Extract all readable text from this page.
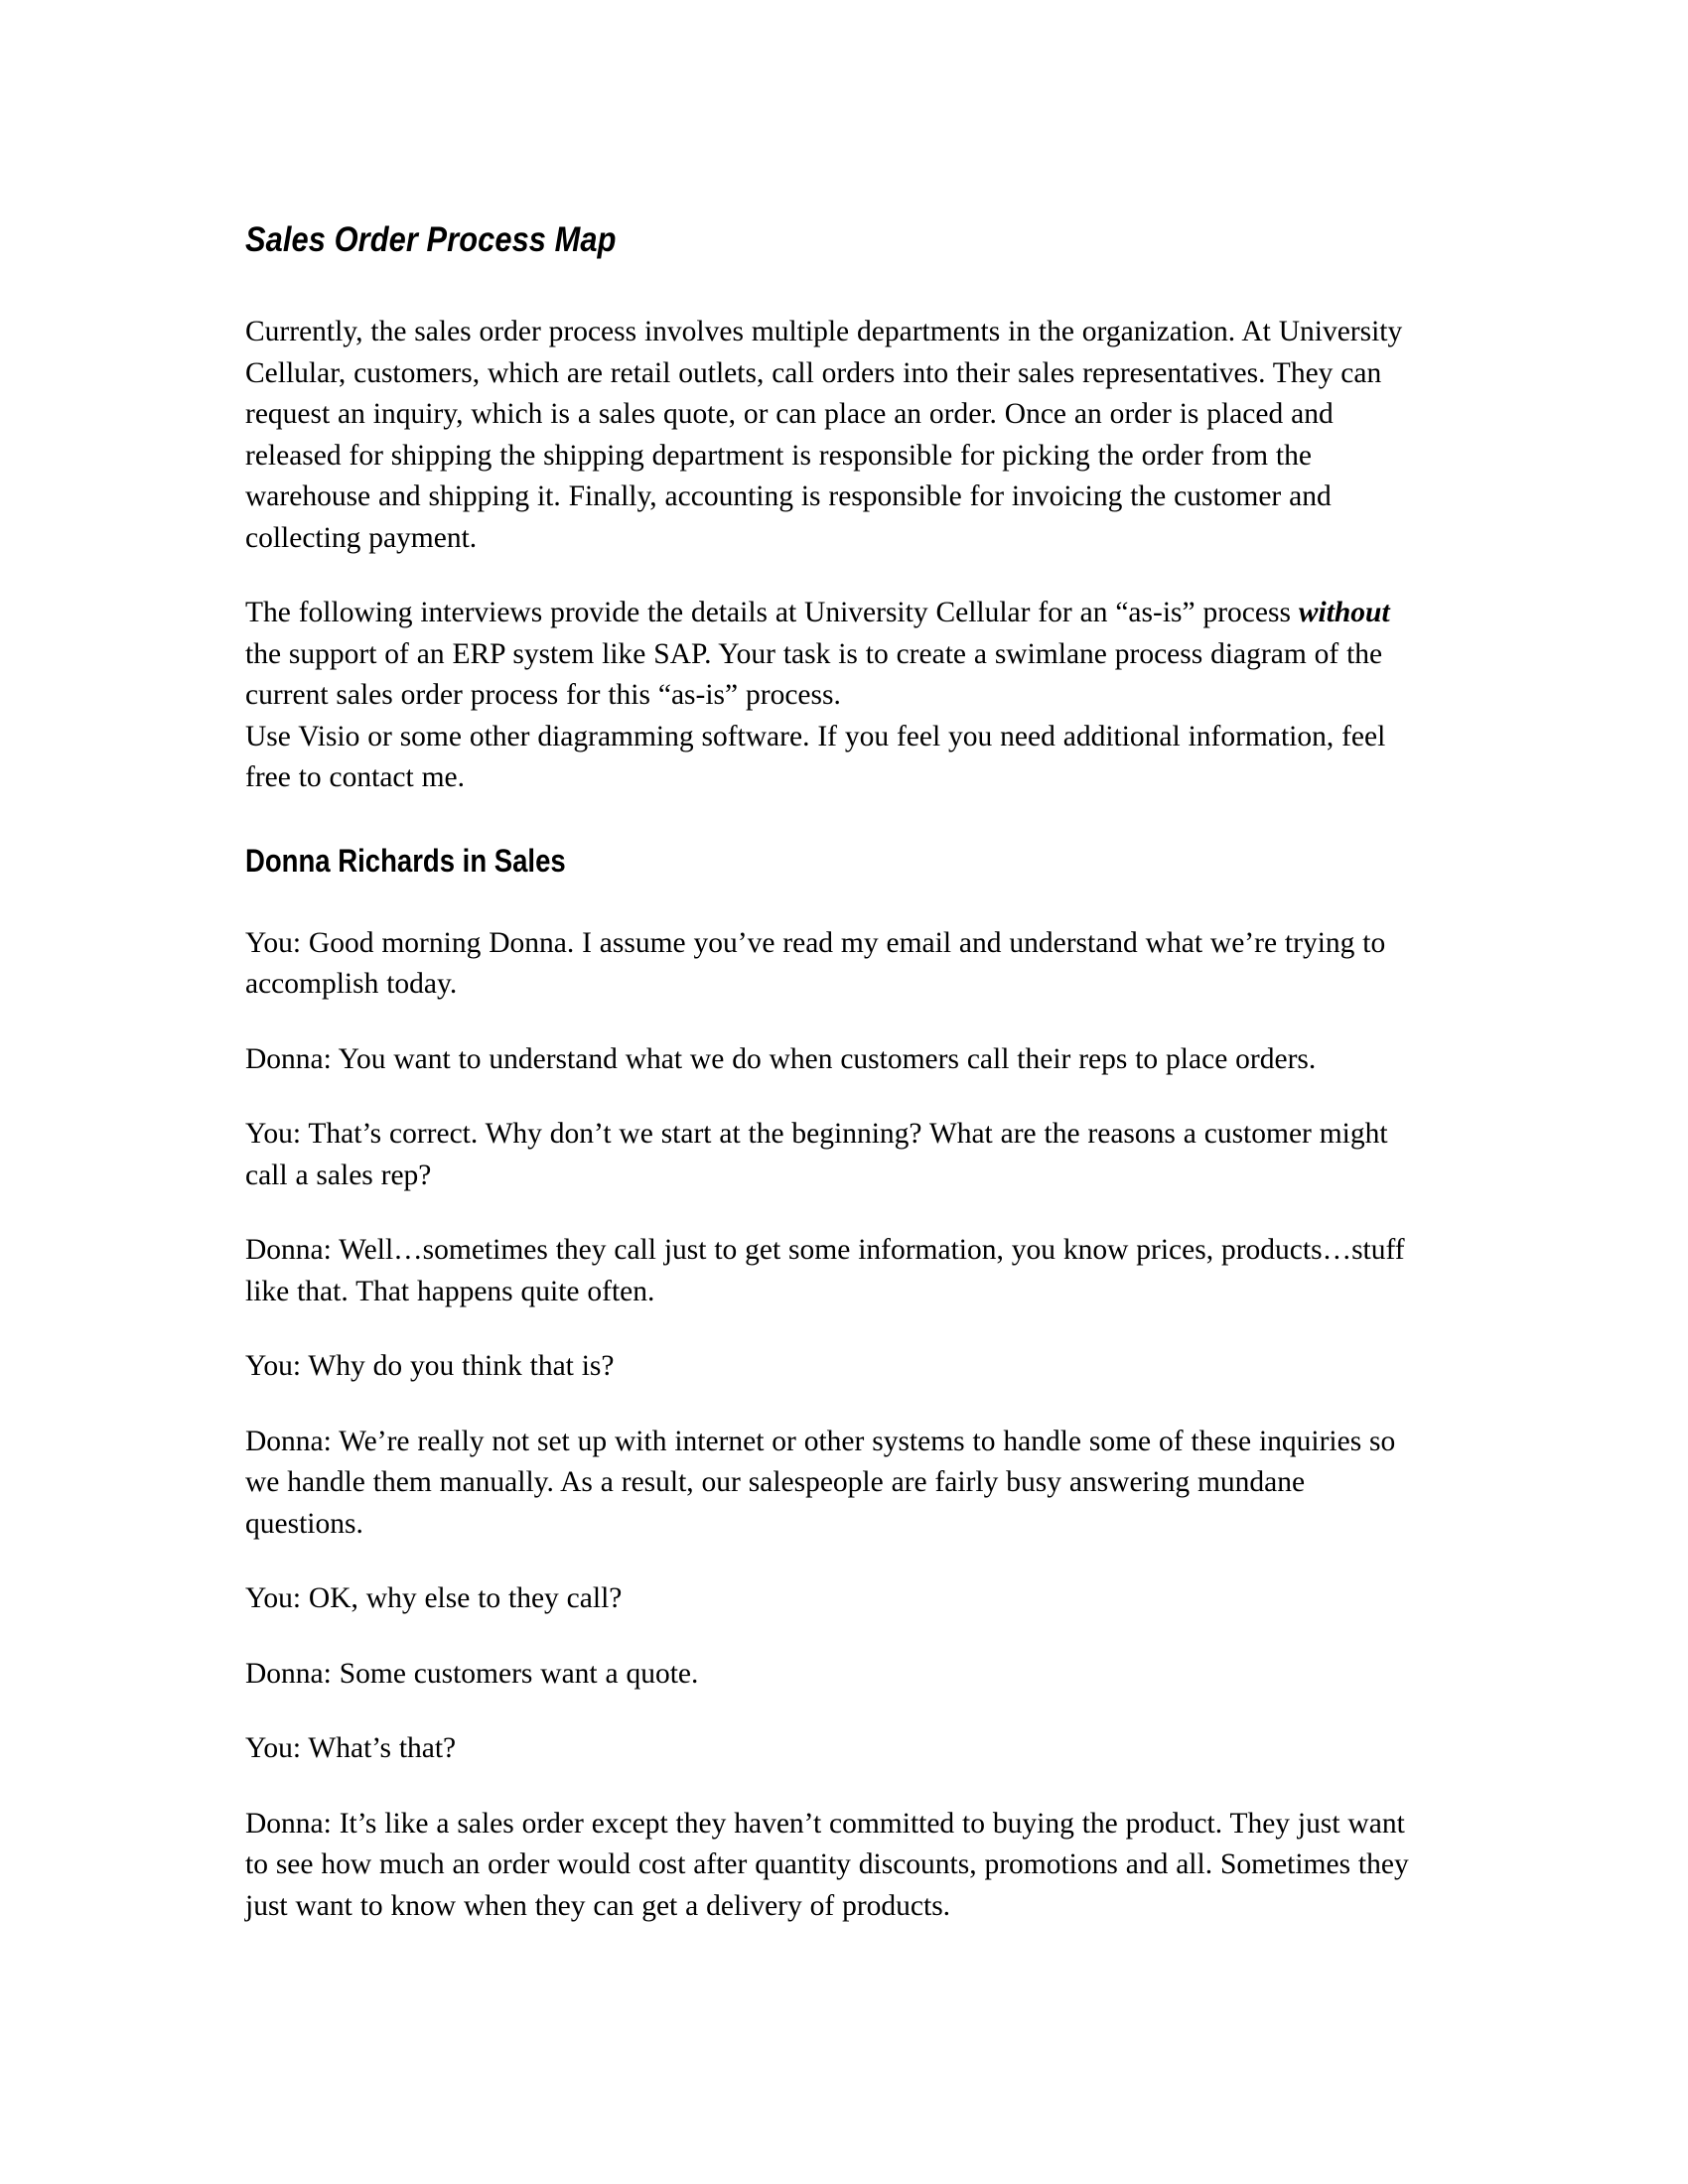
Sales Order Process Map

Currently, the sales order process involves multiple departments in the organization. At University Cellular, customers, which are retail outlets, call orders into their sales representatives. They can request an inquiry, which is a sales quote, or can place an order. Once an order is placed and released for shipping the shipping department is responsible for picking the order from the warehouse and shipping it. Finally, accounting is responsible for invoicing the customer and collecting payment.

The following interviews provide the details at University Cellular for an “as-is” process without the support of an ERP system like SAP. Your task is to create a swimlane process diagram of the current sales order process for this “as-is” process.

Use Visio or some other diagramming software. If you feel you need additional information, feel free to contact me.

Donna Richards in Sales

You: Good morning Donna. I assume you’ve read my email and understand what we’re trying to accomplish today.

Donna: You want to understand what we do when customers call their reps to place orders.

You: That’s correct. Why don’t we start at the beginning? What are the reasons a customer might call a sales rep?

Donna: Well…sometimes they call just to get some information, you know prices, products…stuff like that. That happens quite often.

You: Why do you think that is?

Donna: We’re really not set up with internet or other systems to handle some of these inquiries so we handle them manually. As a result, our salespeople are fairly busy answering mundane questions.

You: OK, why else to they call?

Donna: Some customers want a quote.

You: What’s that?

Donna: It’s like a sales order except they haven’t committed to buying the product. They just want to see how much an order would cost after quantity discounts, promotions and all. Sometimes they just want to know when they can get a delivery of products.
